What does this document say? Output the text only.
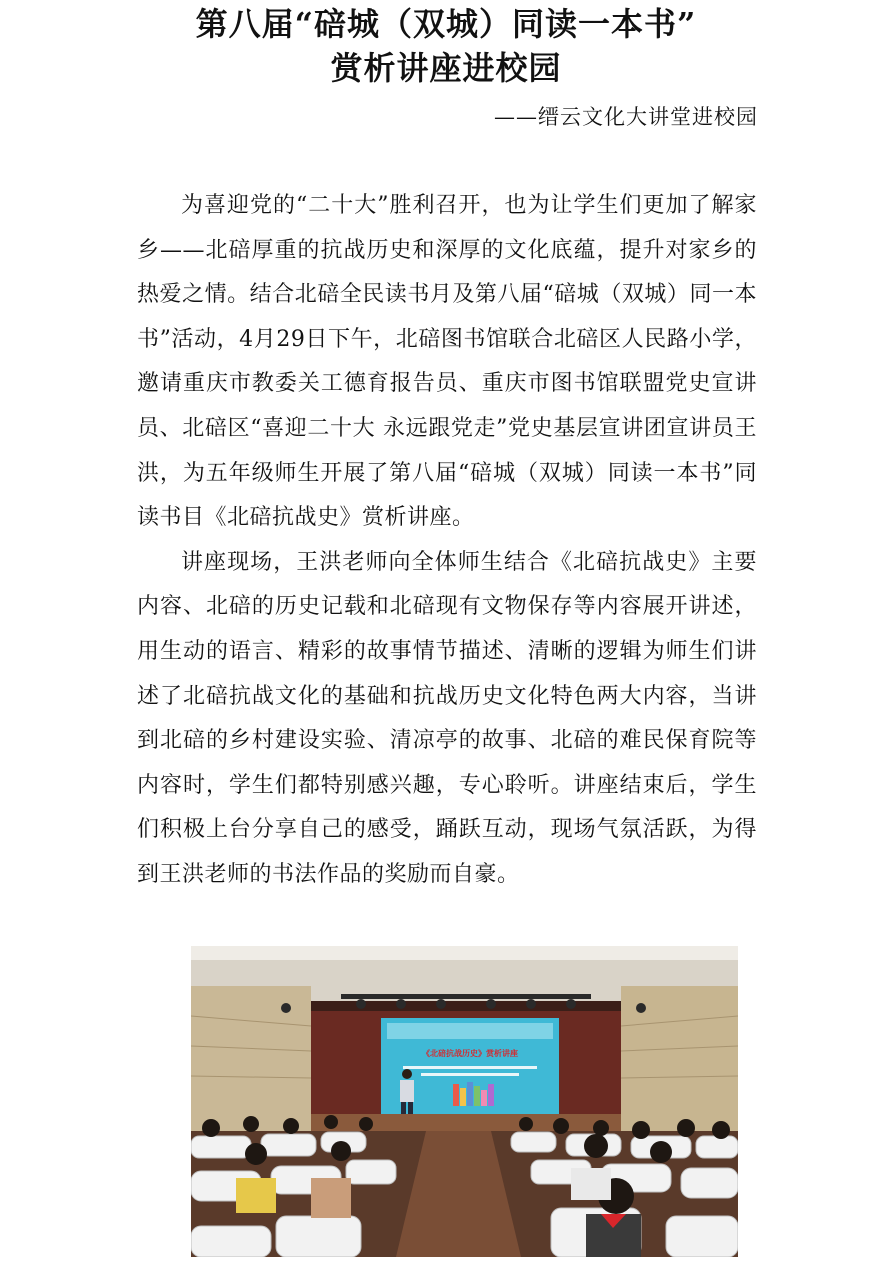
第八届“碚城（双城）同读一本书”
赏析讲座进校园
——缙云文化大讲堂进校园

为喜迎党的“二十大”胜利召开，也为让学生们更加了解家乡——北碚厚重的抗战历史和深厚的文化底蕴，提升对家乡的热爱之情。结合北碚全民读书月及第八届“碚城（双城）同一本书”活动，4月29日下午，北碚图书馆联合北碚区人民路小学，邀请重庆市教委关工德育报告员、重庆市图书馆联盟党史宣讲员、北碚区“喜迎二十大 永远跟党走”党史基层宣讲团宣讲员王洪，为五年级师生开展了第八届“碚城（双城）同读一本书”同读书目《北碚抗战史》赏析讲座。

讲座现场，王洪老师向全体师生结合《北碚抗战史》主要内容、北碚的历史记载和北碚现有文物保存等内容展开讲述，用生动的语言、精彩的故事情节描述、清晰的逻辑为师生们讲述了北碚抗战文化的基础和抗战历史文化特色两大内容，当讲到北碚的乡村建设实验、清凉亭的故事、北碚的难民保育院等内容时，学生们都特别感兴趣，专心聆听。讲座结束后，学生们积极上台分享自己的感受，踊跃互动，现场气氛活跃，为得到王洪老师的书法作品的奖励而自豪。

《北碚抗战历史》赏析讲座
